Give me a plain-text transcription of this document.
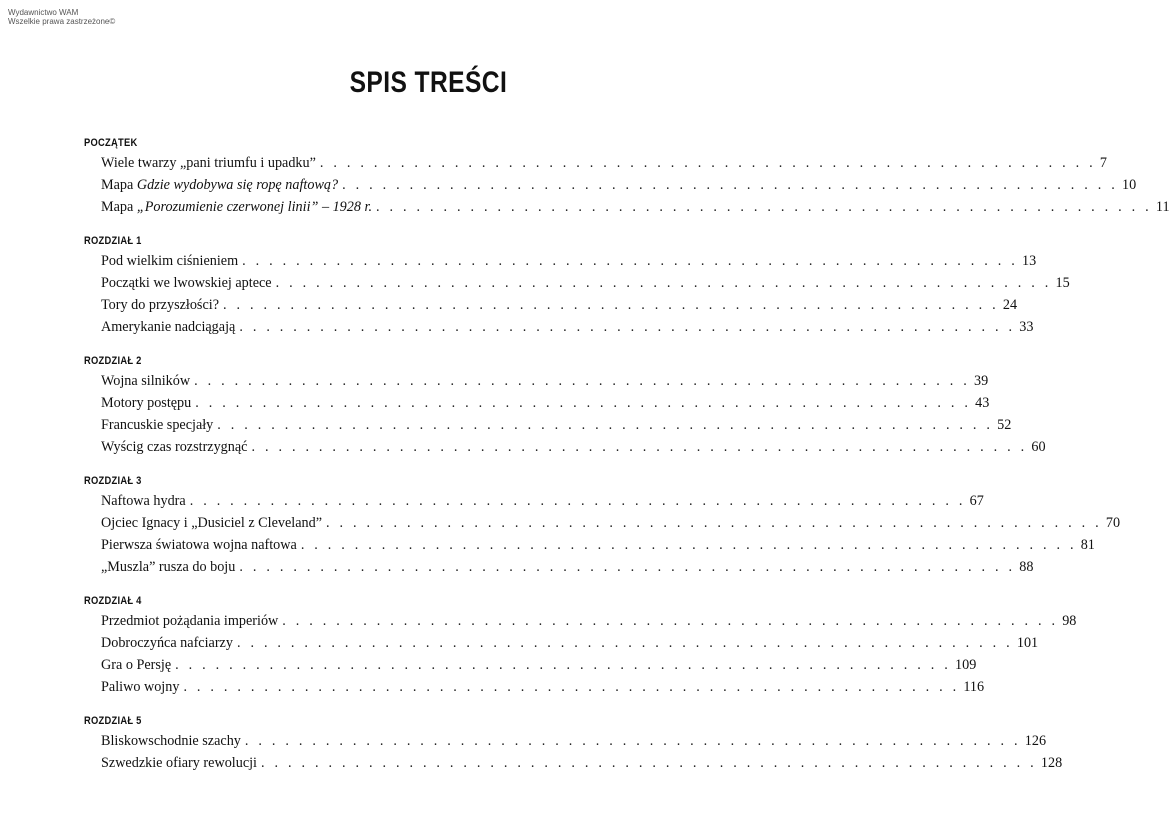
Wydawnictwo WAM
Wszelkie prawa zastrzeżone©
SPIS TREŚCI
POCZĄTEK
Wiele twarzy „pani triumfu i upadku” . . . . . . . . . . . . . . . . . . . . . . . . . . . . . . . . . . . . . . . . . . . . . . . . . . . . . . . . . . 7
Mapa Gdzie wydobywa się ropę naftową? . . . . . . . . . . . . . . . . . . . . . . . . . . . . . . . . . . . . . . . . . . . . . . . . . . . . . . . . . . 10
Mapa „Porozumienie czerwonej linii” – 1928 r. . . . . . . . . . . . . . . . . . . . . . . . . . . . . . . . . . . . . . . . . . . . . . . . . . . . . . . . . . . 11
ROZDZIAŁ 1
Pod wielkim ciśnieniem . . . . . . . . . . . . . . . . . . . . . . . . . . . . . . . . . . . . . . . . . . . . . . . . . . . . . . . . . . 13
Początki we lwowskiej aptece . . . . . . . . . . . . . . . . . . . . . . . . . . . . . . . . . . . . . . . . . . . . . . . . . . . . . . . . . . 15
Tory do przyszłości? . . . . . . . . . . . . . . . . . . . . . . . . . . . . . . . . . . . . . . . . . . . . . . . . . . . . . . . . . . 24
Amerykanie nadciągają . . . . . . . . . . . . . . . . . . . . . . . . . . . . . . . . . . . . . . . . . . . . . . . . . . . . . . . . . . 33
ROZDZIAŁ 2
Wojna silników . . . . . . . . . . . . . . . . . . . . . . . . . . . . . . . . . . . . . . . . . . . . . . . . . . . . . . . . . . 39
Motory postępu . . . . . . . . . . . . . . . . . . . . . . . . . . . . . . . . . . . . . . . . . . . . . . . . . . . . . . . . . . 43
Francuskie specjały . . . . . . . . . . . . . . . . . . . . . . . . . . . . . . . . . . . . . . . . . . . . . . . . . . . . . . . . . . 52
Wyścig czas rozstrzygnąć . . . . . . . . . . . . . . . . . . . . . . . . . . . . . . . . . . . . . . . . . . . . . . . . . . . . . . . . . . 60
ROZDZIAŁ 3
Naftowa hydra . . . . . . . . . . . . . . . . . . . . . . . . . . . . . . . . . . . . . . . . . . . . . . . . . . . . . . . . . . 67
Ojciec Ignacy i „Dusiciel z Cleveland” . . . . . . . . . . . . . . . . . . . . . . . . . . . . . . . . . . . . . . . . . . . . . . . . . . . . . . . . . . 70
Pierwsza światowa wojna naftowa . . . . . . . . . . . . . . . . . . . . . . . . . . . . . . . . . . . . . . . . . . . . . . . . . . . . . . . . . . 81
„Muszla” rusza do boju . . . . . . . . . . . . . . . . . . . . . . . . . . . . . . . . . . . . . . . . . . . . . . . . . . . . . . . . . . 88
ROZDZIAŁ 4
Przedmiot pożądania imperiów . . . . . . . . . . . . . . . . . . . . . . . . . . . . . . . . . . . . . . . . . . . . . . . . . . . . . . . . . . 98
Dobroczyńca nafciarzy . . . . . . . . . . . . . . . . . . . . . . . . . . . . . . . . . . . . . . . . . . . . . . . . . . . . . . . . . . 101
Gra o Persję . . . . . . . . . . . . . . . . . . . . . . . . . . . . . . . . . . . . . . . . . . . . . . . . . . . . . . . . . . 109
Paliwo wojny . . . . . . . . . . . . . . . . . . . . . . . . . . . . . . . . . . . . . . . . . . . . . . . . . . . . . . . . . . 116
ROZDZIAŁ 5
Bliskowschodnie szachy . . . . . . . . . . . . . . . . . . . . . . . . . . . . . . . . . . . . . . . . . . . . . . . . . . . . . . . . . . 126
Szwedzkie ofiary rewolucji . . . . . . . . . . . . . . . . . . . . . . . . . . . . . . . . . . . . . . . . . . . . . . . . . . . . . . . . . . 128
